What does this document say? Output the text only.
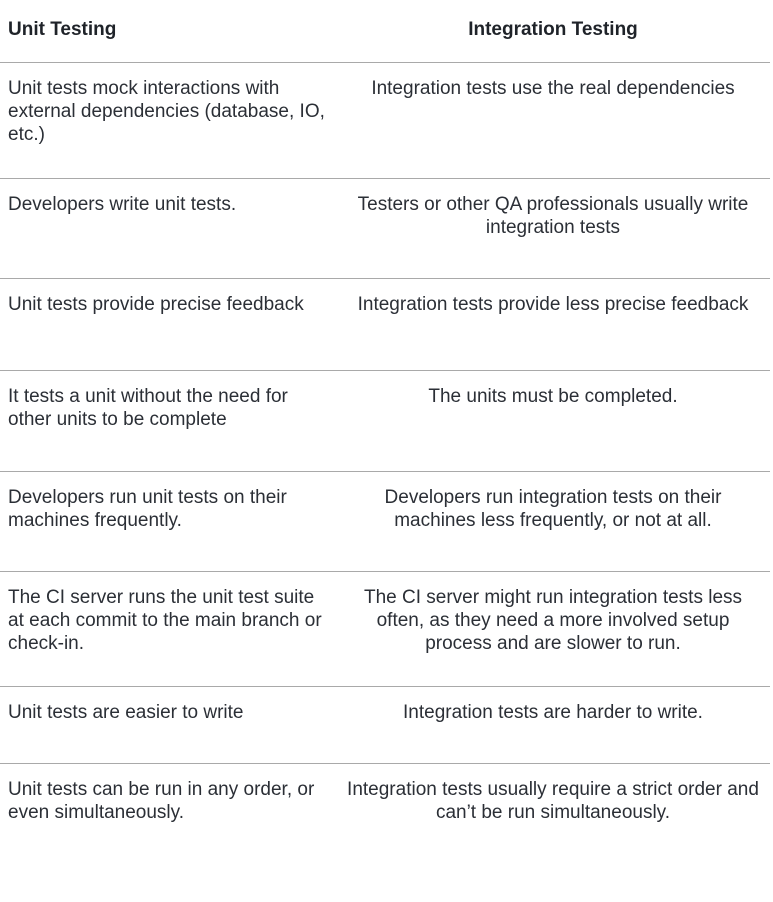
Unit Testing	Integration Testing
Unit tests mock interactions with external dependencies (database, IO, etc.)	Integration tests use the real dependencies
Developers write unit tests.	Testers or other QA professionals usually write integration tests
Unit tests provide precise feedback	Integration tests provide less precise feedback
It tests a unit without the need for other units to be complete	The units must be completed.
Developers run unit tests on their machines frequently.	Developers run integration tests on their machines less frequently, or not at all.
The CI server runs the unit test suite at each commit to the main branch or check-in.	The CI server might run integration tests less often, as they need a more involved setup process and are slower to run.
Unit tests are easier to write	Integration tests are harder to write.
Unit tests can be run in any order, or even simultaneously.	Integration tests usually require a strict order and can’t be run simultaneously.
